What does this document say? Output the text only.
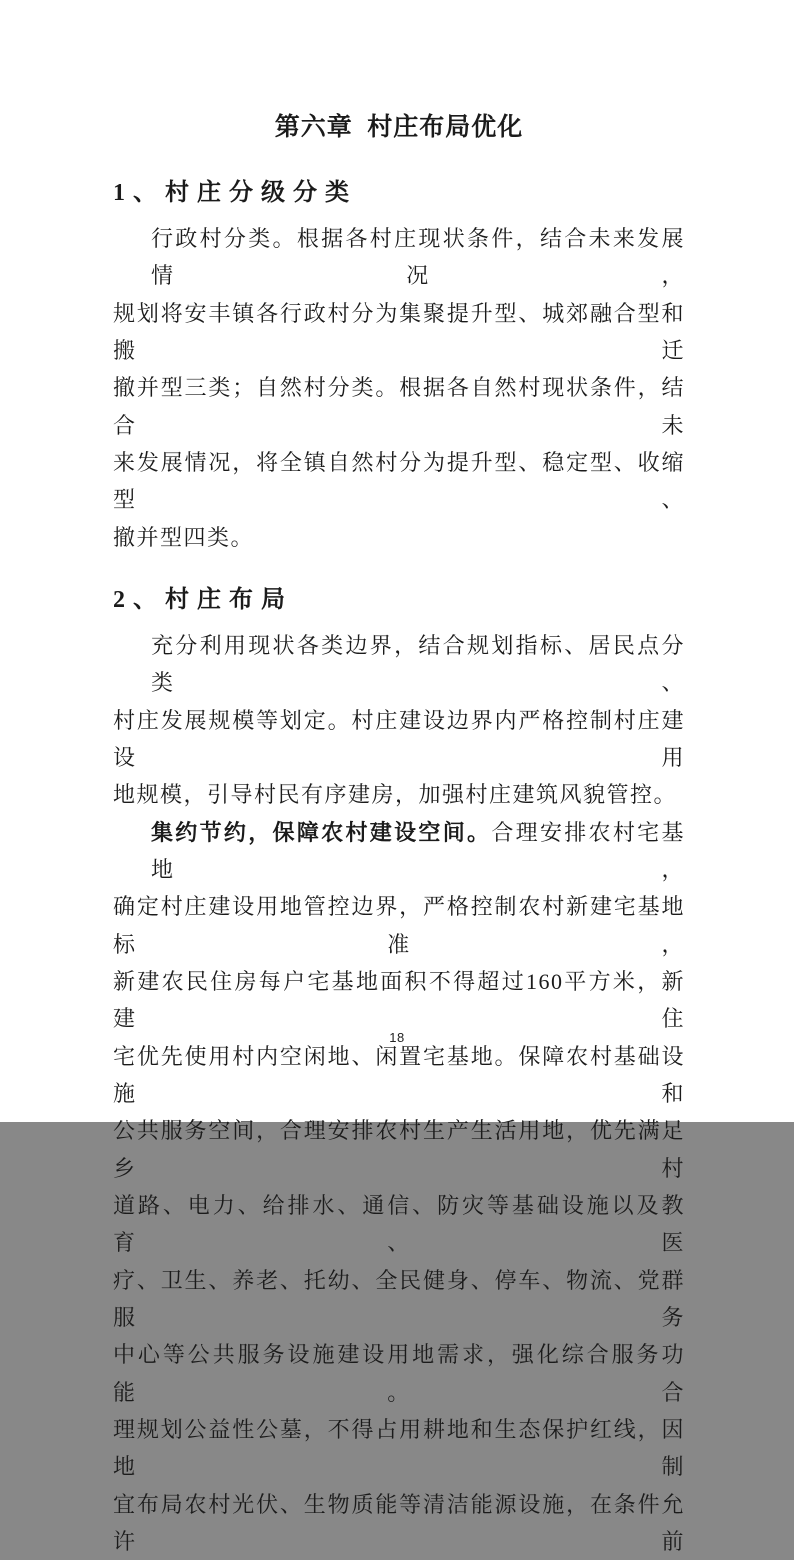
第六章  村庄布局优化
1、村庄分级分类
行政村分类。根据各村庄现状条件，结合未来发展情况，
规划将安丰镇各行政村分为集聚提升型、城郊融合型和搬迁
撤并型三类；自然村分类。根据各自然村现状条件，结合未
来发展情况，将全镇自然村分为提升型、稳定型、收缩型、
撤并型四类。
2、村庄布局
充分利用现状各类边界，结合规划指标、居民点分类、
村庄发展规模等划定。村庄建设边界内严格控制村庄建设用
地规模，引导村民有序建房，加强村庄建筑风貌管控。
集约节约，保障农村建设空间。合理安排农村宅基地，
确定村庄建设用地管控边界，严格控制农村新建宅基地标准，
新建农民住房每户宅基地面积不得超过160平方米，新建住
宅优先使用村内空闲地、闲置宅基地。保障农村基础设施和
公共服务空间，合理安排农村生产生活用地，优先满足乡村
道路、电力、给排水、通信、防灾等基础设施以及教育、医
疗、卫生、养老、托幼、全民健身、停车、物流、党群服务
中心等公共服务设施建设用地需求，强化综合服务功能。合
理规划公益性公墓，不得占用耕地和生态保护红线，因地制
宜布局农村光伏、生物质能等清洁能源设施，在条件允许前
18
